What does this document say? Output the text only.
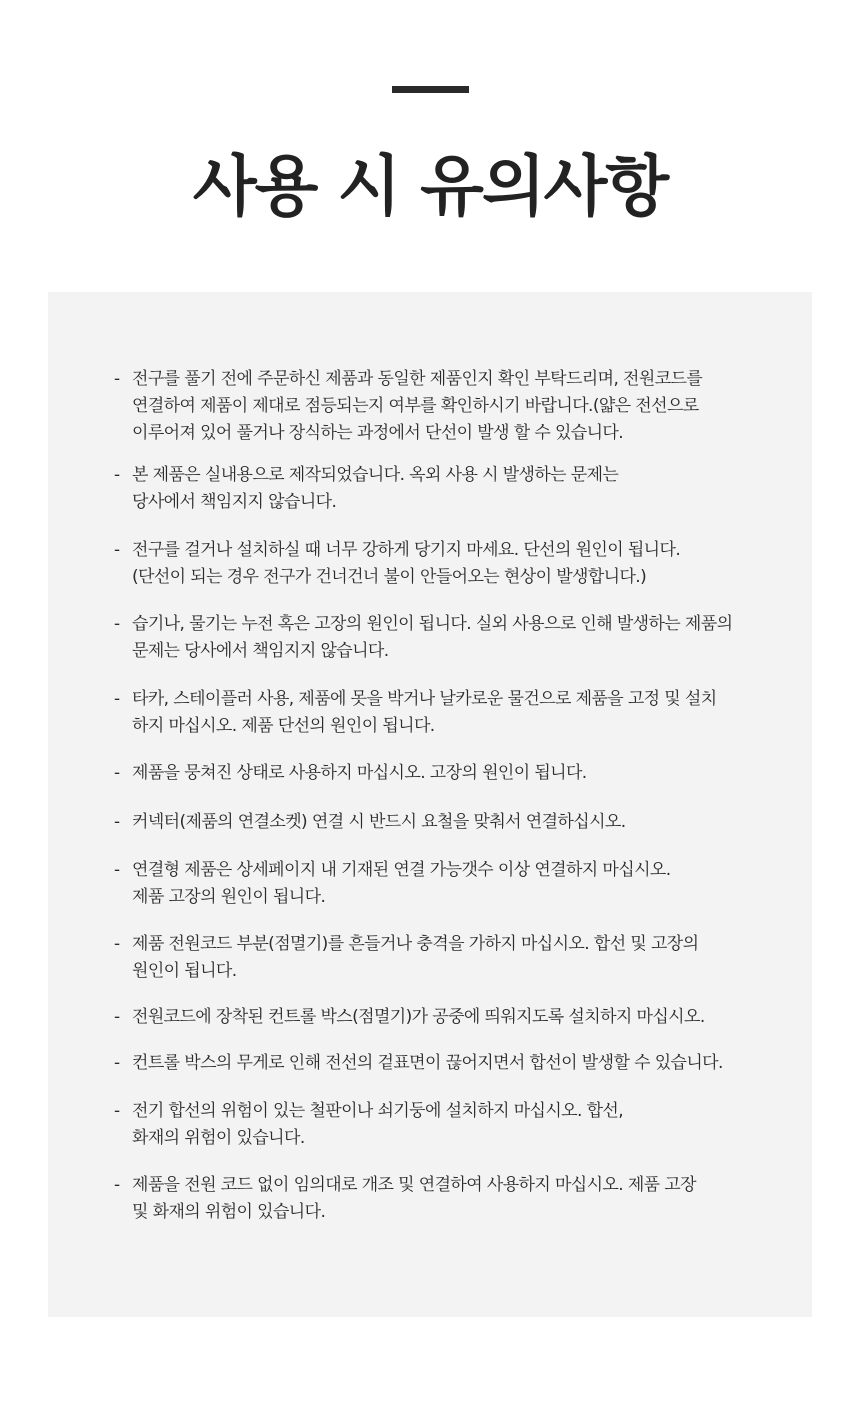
사용 시 유의사항
- 전구를 풀기 전에 주문하신 제품과 동일한 제품인지 확인 부탁드리며, 전원코드를
연결하여 제품이 제대로 점등되는지 여부를 확인하시기 바랍니다.(얇은 전선으로
이루어져 있어 풀거나 장식하는 과정에서 단선이 발생 할 수 있습니다.
- 본 제품은 실내용으로 제작되었습니다. 옥외 사용 시 발생하는 문제는
당사에서 책임지지 않습니다.
- 전구를 걸거나 설치하실 때 너무 강하게 당기지 마세요. 단선의 원인이 됩니다.
(단선이 되는 경우 전구가 건너건너 불이 안들어오는 현상이 발생합니다.)
- 습기나, 물기는 누전 혹은 고장의 원인이 됩니다. 실외 사용으로 인해 발생하는 제품의
문제는 당사에서 책임지지 않습니다.
- 타카, 스테이플러 사용, 제품에 못을 박거나 날카로운 물건으로 제품을 고정 및 설치
하지 마십시오. 제품 단선의 원인이 됩니다.
- 제품을 뭉쳐진 상태로 사용하지 마십시오. 고장의 원인이 됩니다.
- 커넥터(제품의 연결소켓) 연결 시 반드시 요철을 맞춰서 연결하십시오.
- 연결형 제품은 상세페이지 내 기재된 연결 가능갯수 이상 연결하지 마십시오.
제품 고장의 원인이 됩니다.
- 제품 전원코드 부분(점멸기)를 흔들거나 충격을 가하지 마십시오. 합선 및 고장의
원인이 됩니다.
- 전원코드에 장착된 컨트롤 박스(점멸기)가 공중에 띄워지도록 설치하지 마십시오.
- 컨트롤 박스의 무게로 인해 전선의 겉표면이 끊어지면서 합선이 발생할 수 있습니다.
- 전기 합선의 위험이 있는 철판이나 쇠기둥에 설치하지 마십시오. 합선,
화재의 위험이 있습니다.
- 제품을 전원 코드 없이 임의대로 개조 및 연결하여 사용하지 마십시오. 제품 고장
및 화재의 위험이 있습니다.
